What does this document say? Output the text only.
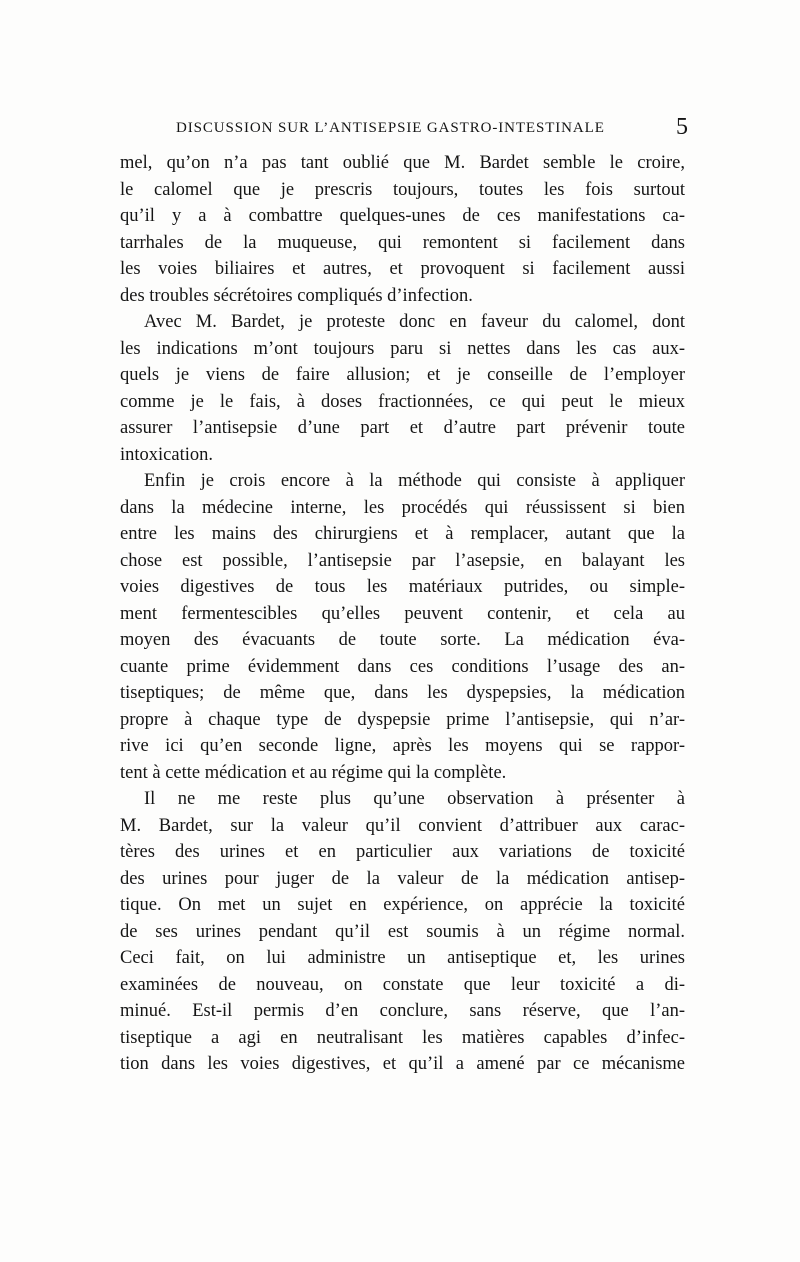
DISCUSSION SUR L’ANTISEPSIE GASTRO-INTESTINALE	5
mel, qu’on n’a pas tant oublié que M. Bardet semble le croire,
le calomel que je prescris toujours, toutes les fois surtout
qu’il y a à combattre quelques-unes de ces manifestations ca-
tarrhales de la muqueuse, qui remontent si facilement dans
les voies biliaires et autres, et provoquent si facilement aussi
des troubles sécrétoires compliqués d’infection.
Avec M. Bardet, je proteste donc en faveur du calomel, dont
les indications m’ont toujours paru si nettes dans les cas aux-
quels je viens de faire allusion; et je conseille de l’employer
comme je le fais, à doses fractionnées, ce qui peut le mieux
assurer l’antisepsie d’une part et d’autre part prévenir toute
intoxication.
Enfin je crois encore à la méthode qui consiste à appliquer
dans la médecine interne, les procédés qui réussissent si bien
entre les mains des chirurgiens et à remplacer, autant que la
chose est possible, l’antisepsie par l’asepsie, en balayant les
voies digestives de tous les matériaux putrides, ou simple-
ment fermentescibles qu’elles peuvent contenir, et cela au
moyen des évacuants de toute sorte. La médication éva-
cuante prime évidemment dans ces conditions l’usage des an-
tiseptiques; de même que, dans les dyspepsies, la médication
propre à chaque type de dyspepsie prime l’antisepsie, qui n’ar-
rive ici qu’en seconde ligne, après les moyens qui se rappor-
tent à cette médication et au régime qui la complète.
Il ne me reste plus qu’une observation à présenter à
M. Bardet, sur la valeur qu’il convient d’attribuer aux carac-
tères des urines et en particulier aux variations de toxicité
des urines pour juger de la valeur de la médication antisep-
tique. On met un sujet en expérience, on apprécie la toxicité
de ses urines pendant qu’il est soumis à un régime normal.
Ceci fait, on lui administre un antiseptique et, les urines
examinées de nouveau, on constate que leur toxicité a di-
minué. Est-il permis d’en conclure, sans réserve, que l’an-
tiseptique a agi en neutralisant les matières capables d’infec-
tion dans les voies digestives, et qu’il a amené par ce mécanisme
